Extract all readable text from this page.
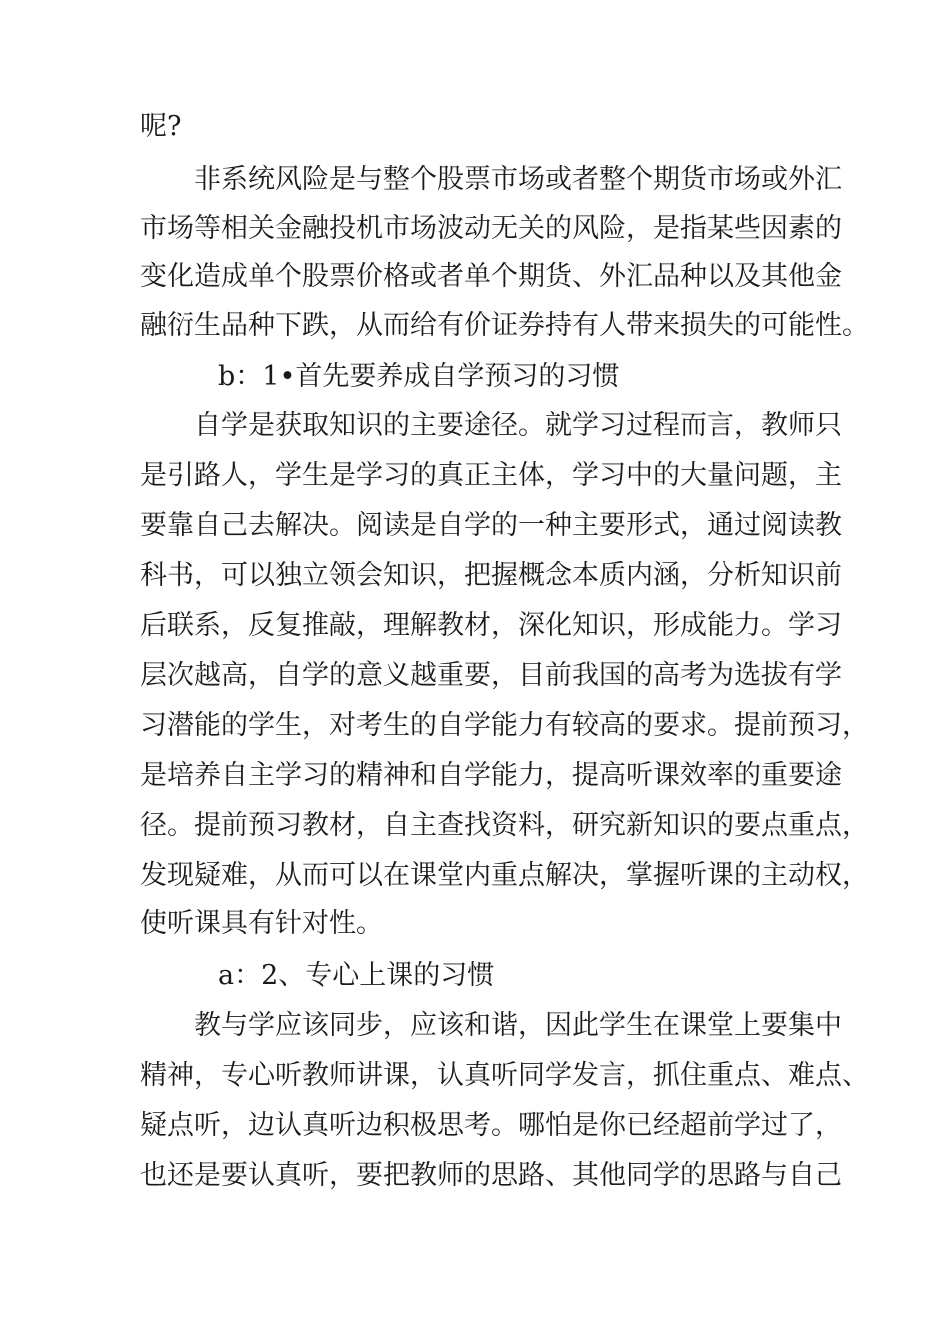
呢?

非系统风险是与整个股票市场或者整个期货市场或外汇

市场等相关金融投机市场波动无关的风险，是指某些因素的

变化造成单个股票价格或者单个期货、外汇品种以及其他金

融衍生品种下跌，从而给有价证券持有人带来损失的可能性。

b：1•首先要养成自学预习的习惯

自学是获取知识的主要途径。就学习过程而言，教师只

是引路人，学生是学习的真正主体，学习中的大量问题，主

要靠自己去解决。阅读是自学的一种主要形式，通过阅读教

科书，可以独立领会知识，把握概念本质内涵，分析知识前

后联系，反复推敲，理解教材，深化知识，形成能力。学习

层次越高，自学的意义越重要，目前我国的高考为选拔有学

习潜能的学生，对考生的自学能力有较高的要求。提前预习，

是培养自主学习的精神和自学能力，提高听课效率的重要途

径。提前预习教材，自主查找资料，研究新知识的要点重点，

发现疑难，从而可以在课堂内重点解决，掌握听课的主动权，

使听课具有针对性。

a：2、专心上课的习惯

教与学应该同步，应该和谐，因此学生在课堂上要集中

精神，专心听教师讲课，认真听同学发言，抓住重点、难点、

疑点听，边认真听边积极思考。哪怕是你已经超前学过了，

也还是要认真听，要把教师的思路、其他同学的思路与自己
